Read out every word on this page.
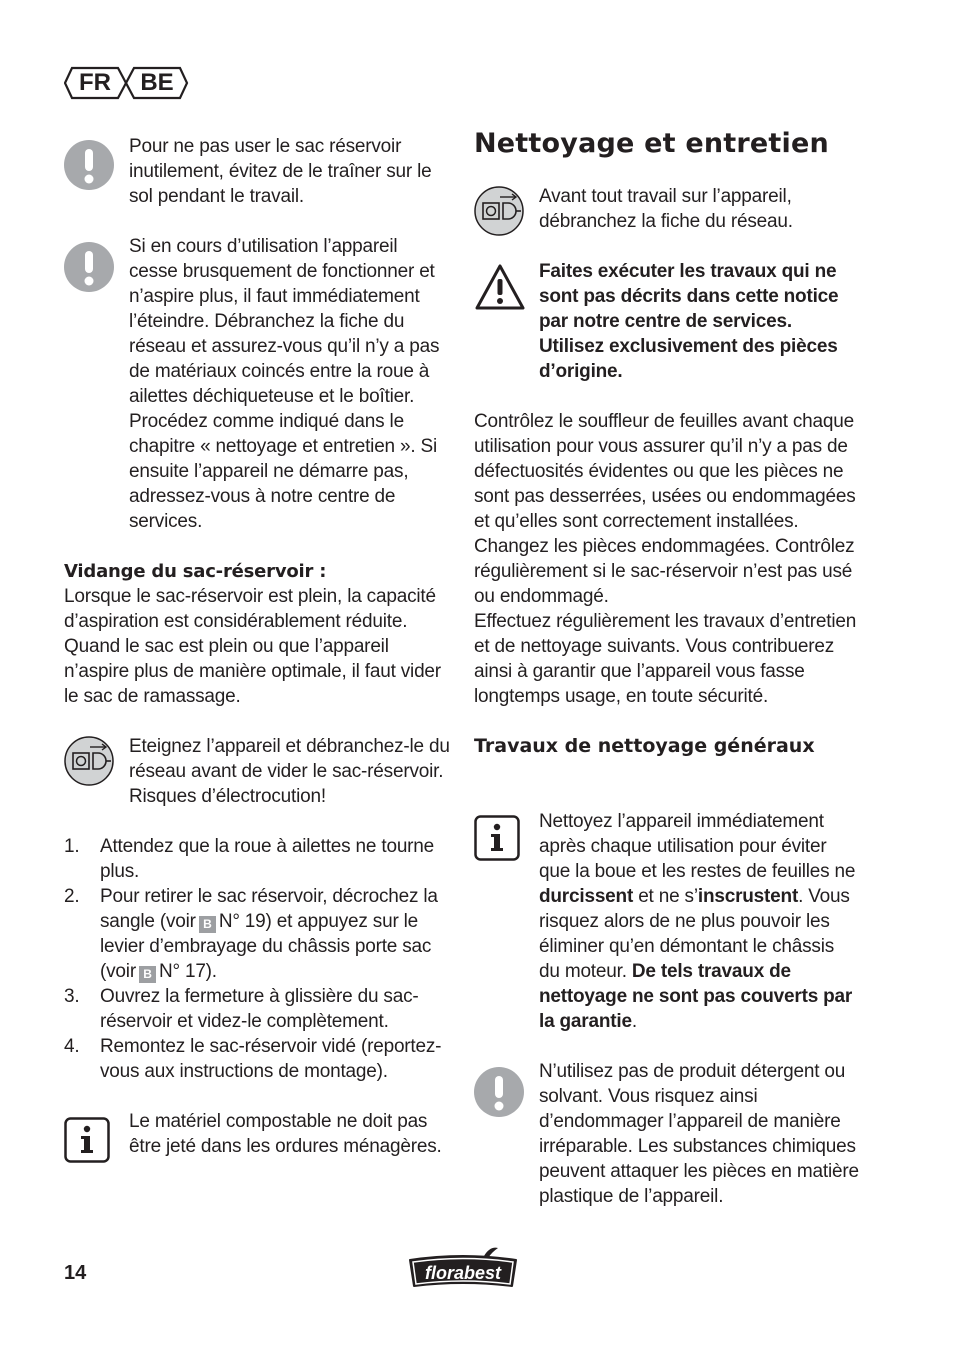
FR	BE
Pour ne pas user le sac réservoir inutilement, évitez de le traîner sur le sol pendant le travail.
Si en cours d’utilisation l’appareil cesse brusquement de fonctionner et n’aspire plus, il faut immédiatement l’éteindre. Débranchez la fiche du réseau et assurez-vous qu’il n’y a pas de matériaux coincés entre la roue à ailettes déchiqueteuse et le boîtier. Procédez comme indiqué dans le chapitre « nettoyage et entretien ». Si ensuite l’appareil ne démarre pas, adressez-vous à notre centre de services.
Vidange du sac-réservoir :
Lorsque le sac-réservoir est plein, la capacité d’aspiration est considérablement réduite. Quand le sac est plein ou que l’appareil n’aspire plus de manière optimale, il faut vider le sac de ramassage.
Eteignez l’appareil et débranchez-le du réseau avant de vider le sac-réservoir. Risques d’électrocution!
1. Attendez que la roue à ailettes ne tourne plus.
2. Pour retirer le sac réservoir, décrochez la sangle (voir B N° 19) et appuyez sur le levier d’embrayage du châssis porte sac (voir B N° 17).
3. Ouvrez la fermeture à glissière du sac-réservoir et videz-le complètement.
4. Remontez le sac-réservoir vidé (reportez-vous aux instructions de montage).
Le matériel compostable ne doit pas être jeté dans les ordures ménagères.
Nettoyage et entretien
Avant tout travail sur l’appareil, débranchez la fiche du réseau.
Faites exécuter les travaux qui ne sont pas décrits dans cette notice par notre centre de services. Utilisez exclusivement des pièces d’origine.
Contrôlez le souffleur de feuilles avant chaque utilisation pour vous assurer qu’il n’y a pas de défectuosités évidentes ou que les pièces ne sont pas desserrées, usées ou endommagées et qu’elles sont correctement installées. Changez les pièces endommagées. Contrôlez régulièrement si le sac-réservoir n’est pas usé ou endommagé.
Effectuez régulièrement les travaux d’entretien et de nettoyage suivants. Vous contribuerez ainsi à garantir que l’appareil vous fasse longtemps usage, en toute sécurité.
Travaux de nettoyage généraux
Nettoyez l’appareil immédiatement après chaque utilisation pour éviter que la boue et les restes de feuilles ne durcissent et ne s’inscrustent. Vous risquez alors de ne plus pouvoir les éliminer qu’en démontant le châssis du moteur. De tels travaux de nettoyage ne sont pas couverts par la garantie.
N’utilisez pas de produit détergent ou solvant. Vous risquez ainsi d’endommager l’appareil de manière irréparable. Les substances chimiques peuvent attaquer les pièces en matière plastique de l’appareil.
14	florabest
